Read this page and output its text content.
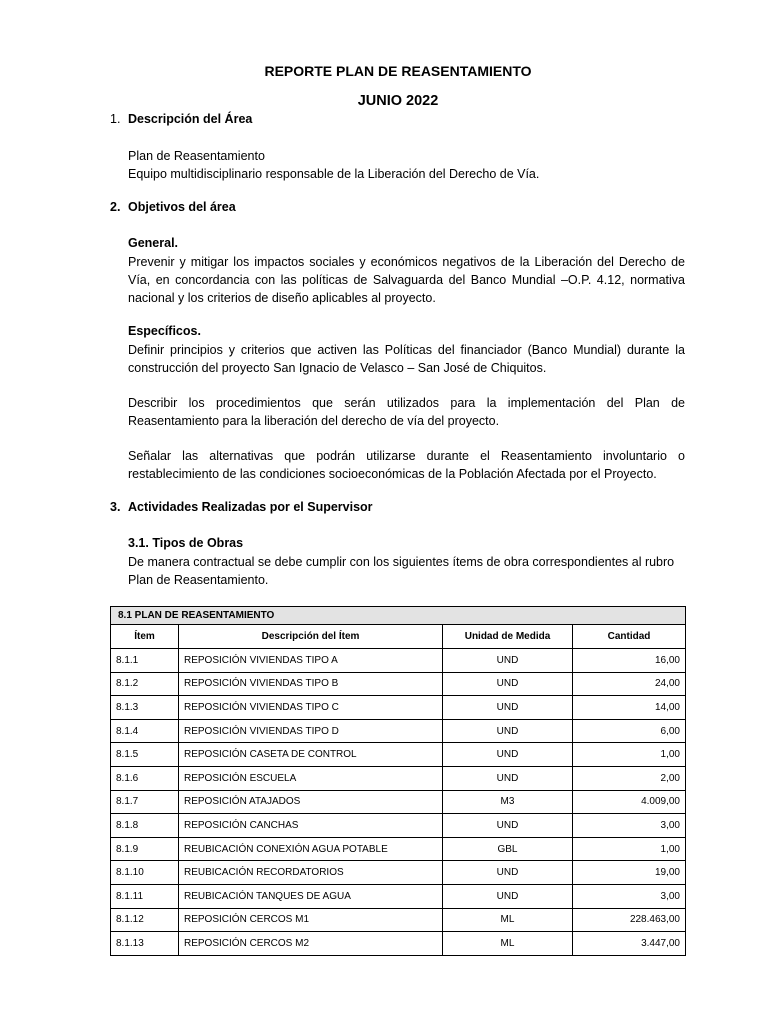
REPORTE PLAN DE REASENTAMIENTO
JUNIO 2022

1. Descripción del Área

Plan de Reasentamiento
Equipo multidisciplinario responsable de la Liberación del Derecho de Vía.

2. Objetivos del área

General.

Prevenir y mitigar los impactos sociales y económicos negativos de la Liberación del Derecho de Vía, en concordancia con las políticas de Salvaguarda del Banco Mundial –O.P. 4.12, normativa nacional y los criterios de diseño aplicables al proyecto.

Específicos.

Definir principios y criterios que activen las Políticas del financiador (Banco Mundial) durante la construcción del proyecto San Ignacio de Velasco – San José de Chiquitos.

Describir los procedimientos que serán utilizados para la implementación del Plan de Reasentamiento para la liberación del derecho de vía del proyecto.

Señalar las alternativas que podrán utilizarse durante el Reasentamiento involuntario o restablecimiento de las condiciones socioeconómicas de la Población Afectada por el Proyecto.

3. Actividades Realizadas por el Supervisor

3.1. Tipos de Obras

De manera contractual se debe cumplir con los siguientes ítems de obra correspondientes al rubro Plan de Reasentamiento.

8.1 PLAN DE REASENTAMIENTO			
Ítem	Descripción del Ítem	Unidad de Medida	Cantidad
8.1.1	REPOSICIÓN VIVIENDAS TIPO A	UND	16,00
8.1.2	REPOSICIÓN VIVIENDAS TIPO B	UND	24,00
8.1.3	REPOSICIÓN VIVIENDAS TIPO C	UND	14,00
8.1.4	REPOSICIÓN VIVIENDAS TIPO D	UND	6,00
8.1.5	REPOSICIÓN CASETA DE CONTROL	UND	1,00
8.1.6	REPOSICIÓN ESCUELA	UND	2,00
8.1.7	REPOSICIÓN ATAJADOS	M3	4.009,00
8.1.8	REPOSICIÓN CANCHAS	UND	3,00
8.1.9	REUBICACIÓN CONEXIÓN AGUA POTABLE	GBL	1,00
8.1.10	REUBICACIÓN RECORDATORIOS	UND	19,00
8.1.11	REUBICACIÓN TANQUES DE AGUA	UND	3,00
8.1.12	REPOSICIÓN CERCOS M1	ML	228.463,00
8.1.13	REPOSICIÓN CERCOS M2	ML	3.447,00
